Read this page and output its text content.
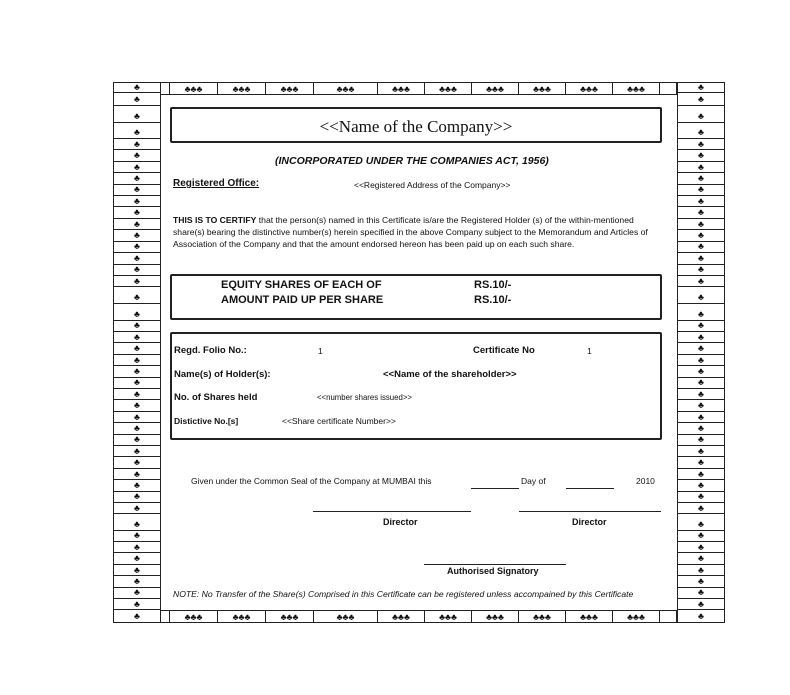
♣
♣
♣
♣
♣
♣
♣
♣
♣
♣
♣
♣
♣
♣
♣
♣
♣
♣
♣
♣
♣
♣
♣
♣
♣
♣
♣
♣
♣
♣
♣
♣
♣
♣
♣
♣
♣
♣
♣
♣
♣
♣
♣
♣
♣
♣
♣
♣
♣
♣
♣
♣
♣
♣
♣
♣
♣
♣
♣
♣
♣
♣
♣
♣
♣
♣
♣
♣
♣
♣
♣
♣
♣
♣
♣
♣
♣
♣
♣
♣
♣
♣
♣
♣
♣
♣
♣
♣
♣
♣
♣♣♣	♣♣♣	♣♣♣	♣♣♣	♣♣♣	♣♣♣	♣♣♣	♣♣♣	♣♣♣	♣♣♣
♣♣♣	♣♣♣	♣♣♣	♣♣♣	♣♣♣	♣♣♣	♣♣♣	♣♣♣	♣♣♣	♣♣♣
<<Name of the Company>>
(INCORPORATED UNDER THE COMPANIES ACT, 1956)
Registered Office:	<<Registered Address of the Company>>
THIS IS TO CERTIFY that the person(s) named in this Certificate is/are the Registered Holder (s) of the within-mentioned share(s) bearing the distinctive number(s) herein specified in the above Company subject to the Memorandum and Articles of Association of the Company and that the amount endorsed hereon has been paid up on each such share.
EQUITY SHARES OF EACH OF	RS.10/-
AMOUNT PAID UP PER SHARE	RS.10/-
Regd. Folio No.:	1	Certificate No	1
Name(s) of Holder(s):	<<Name of the shareholder>>
No. of Shares held	<<number shares issued>>
Distictive No.[s]	<<Share certificate Number>>
Given under the Common Seal of the Company at MUMBAI this	Day of	2010
Director	Director
Authorised Signatory
NOTE: No Transfer of the Share(s) Comprised in this Certificate can be registered unless accompained by this Certificate
